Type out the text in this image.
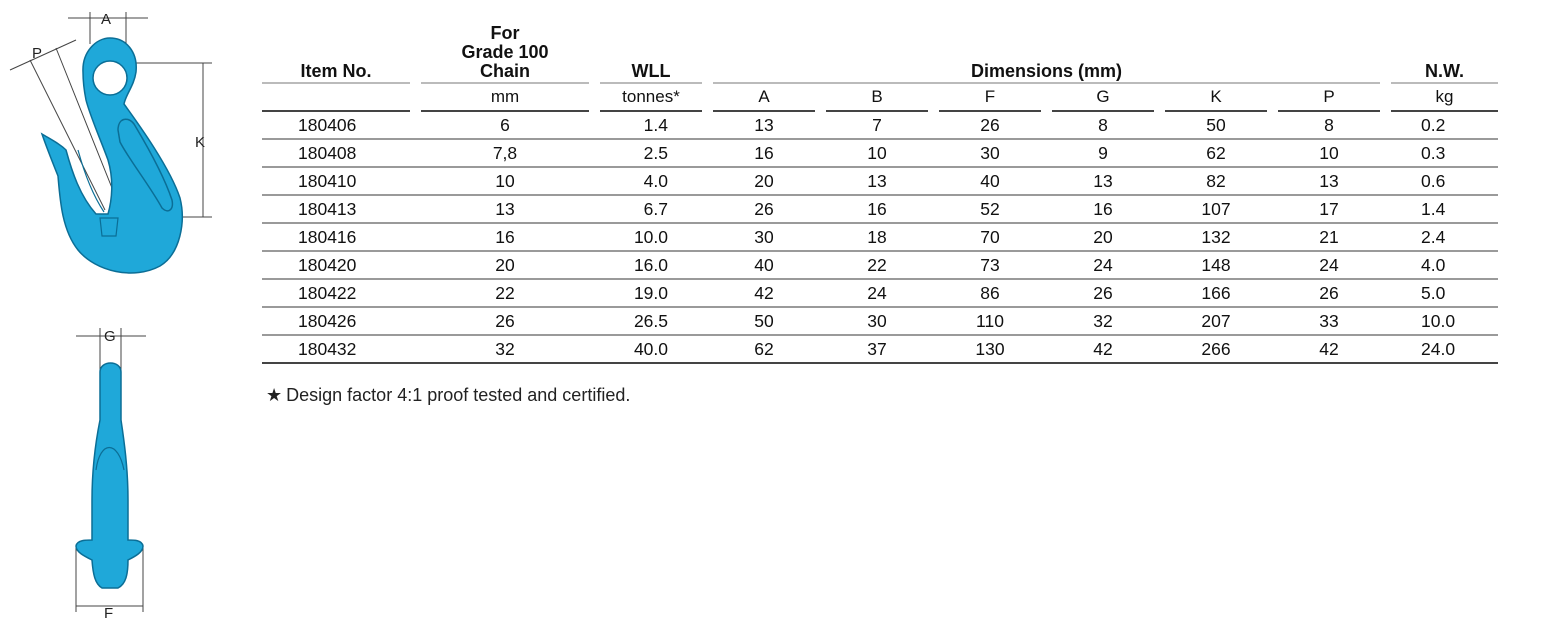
A
P
K
G
F
Item No.		For
Grade 100
Chain		WLL		Dimensions (mm)												N.W.
		mm		tonnes*		A		B		F		G		K		P		kg
180406		6		1.4		13		7		26		8		50		8		0.2
180408		7,8		2.5		16		10		30		9		62		10		0.3
180410		10		4.0		20		13		40		13		82		13		0.6
180413		13		6.7		26		16		52		16		107		17		1.4
180416		16		10.0		30		18		70		20		132		21		2.4
180420		20		16.0		40		22		73		24		148		24		4.0
180422		22		19.0		42		24		86		26		166		26		5.0
180426		26		26.5		50		30		110		32		207		33		10.0
180432		32		40.0		62		37		130		42		266		42		24.0
★ Design factor 4:1 proof tested and certified.
